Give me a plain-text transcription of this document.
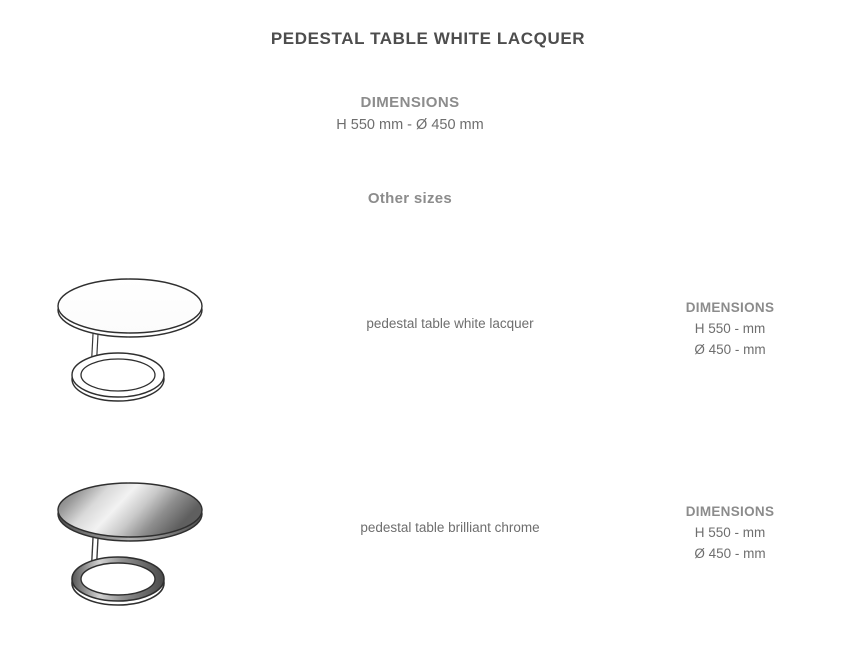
PEDESTAL TABLE WHITE LACQUER
DIMENSIONS
H 550 mm - Ø 450 mm
Other sizes
pedestal table white lacquer
DIMENSIONS
H 550 - mm
Ø 450 - mm
pedestal table brilliant chrome
DIMENSIONS
H 550 - mm
Ø 450 - mm
